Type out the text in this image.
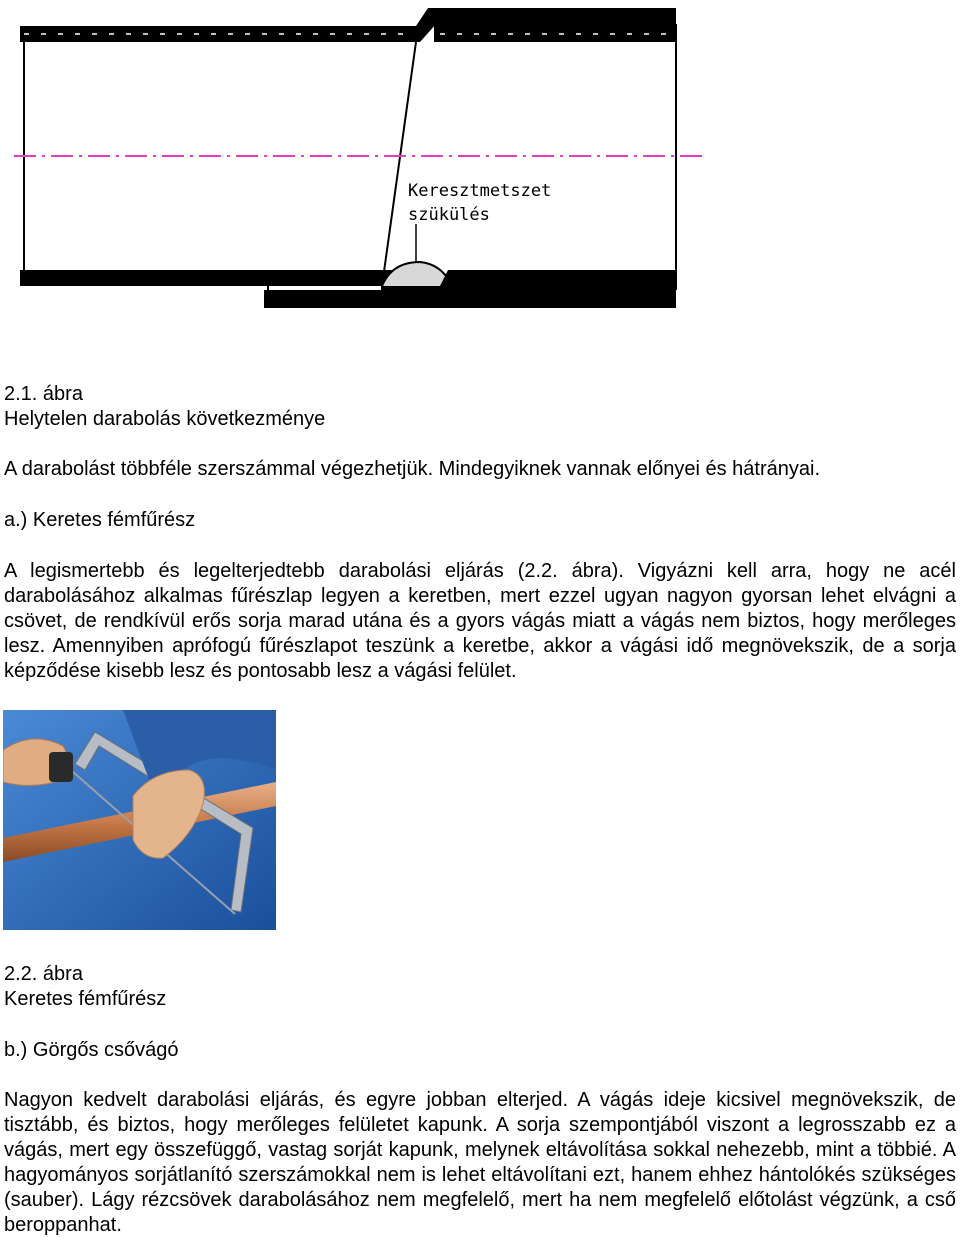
Keresztmetszet
szükülés

2.1. ábra

Helytelen darabolás következménye

A darabolást többféle szerszámmal végezhetjük. Mindegyiknek vannak előnyei és hátrányai.

a.) Keretes fémfűrész

A legismertebb és legelterjedtebb darabolási eljárás (2.2. ábra). Vigyázni kell arra, hogy ne acél darabolásához alkalmas fűrészlap legyen a keretben, mert ezzel ugyan nagyon gyorsan lehet elvágni a csövet, de rendkívül erős sorja marad utána és a gyors vágás miatt a vágás nem biztos, hogy merőleges lesz. Amennyiben aprófogú fűrészlapot teszünk a keretbe, akkor a vágási idő megnövekszik, de a sorja képződése kisebb lesz és pontosabb lesz a vágási felület.

2.2. ábra

Keretes fémfűrész

b.) Görgős csővágó

Nagyon kedvelt darabolási eljárás, és egyre jobban elterjed. A vágás ideje kicsivel megnövekszik, de tisztább, és biztos, hogy merőleges felületet kapunk. A sorja szempontjából viszont a legrosszabb ez a vágás, mert egy összefüggő, vastag sorját kapunk, melynek eltávolítása sokkal nehezebb, mint a többié. A hagyományos sorjátlanító szerszámokkal nem is lehet eltávolítani ezt, hanem ehhez hántolókés szükséges (sauber). Lágy rézcsövek darabolásához nem megfelelő, mert ha nem megfelelő előtolást végzünk, a cső beroppanhat.
